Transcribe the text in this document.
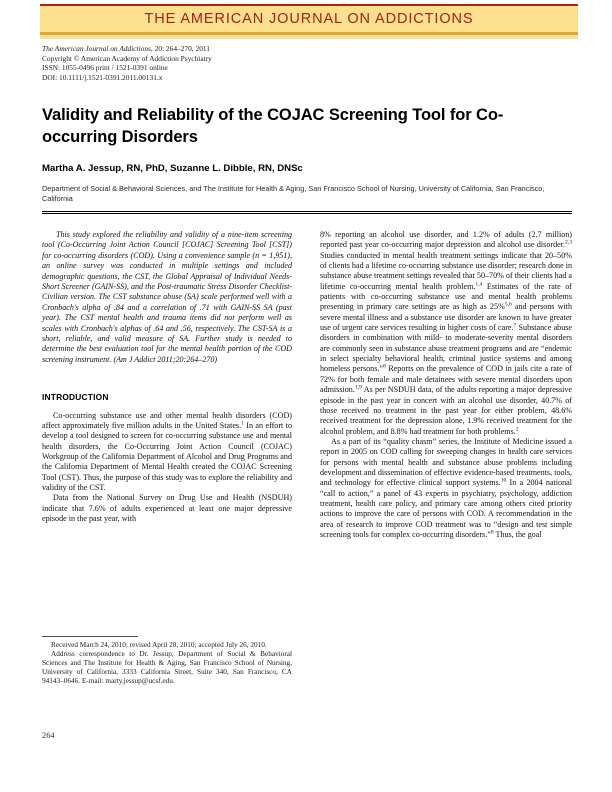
THE AMERICAN JOURNAL ON ADDICTIONS
The American Journal on Addictions, 20: 264–270, 2011
Copyright © American Academy of Addiction Psychiatry
ISSN: 1055-0496 print / 1521-0391 online
DOI: 10.1111/j.1521-0391.2011.00131.x
Validity and Reliability of the COJAC Screening Tool for Co-occurring Disorders
Martha A. Jessup, RN, PhD, Suzanne L. Dibble, RN, DNSc
Department of Social & Behavioral Sciences, and The Institute for Health & Aging, San Francisco School of Nursing, University of California, San Francisco, California
This study explored the reliability and validity of a nine-item screening tool (Co-Occurring Joint Action Council [COJAC] Screening Tool [CST]) for co-occurring disorders (COD). Using a convenience sample (n = 1,951), an online survey was conducted in multiple settings and included demographic questions, the CST, the Global Appraisal of Individual Needs-Short Screener (GAIN-SS), and the Post-traumatic Stress Disorder Checklist-Civilian version. The CST substance abuse (SA) scale performed well with a Cronbach's alpha of .84 and a correlation of .71 with GAIN-SS SA (past year). The CST mental health and trauma items did not perform well as scales with Cronbach's alphas of .64 and .56, respectively. The CST-SA is a short, reliable, and valid measure of SA. Further study is needed to determine the best evaluation tool for the mental health portion of the COD screening instrument. (Am J Addict 2011;20:264–270)
INTRODUCTION

Co-occurring substance use and other mental health disorders (COD) affect approximately five million adults in the United States.$^1$ In an effort to develop a tool designed to screen for co-occurring substance use and mental health disorders, the Co-Occurring Joint Action Council (COJAC) Workgroup of the California Department of Alcohol and Drug Programs and the California Department of Mental Health created the COJAC Screening Tool (CST). Thus, the purpose of this study was to explore the reliability and validity of the CST.

Data from the National Survey on Drug Use and Health (NSDUH) indicate that 7.6% of adults experienced at least one major depressive episode in the past year, with

8% reporting an alcohol use disorder, and 1.2% of adults (2.7 million) reported past year co-occurring major depression and alcohol use disorder.$^{2,3}$ Studies conducted in mental health treatment settings indicate that 20–50% of clients had a lifetime co-occurring substance use disorder; research done in substance abuse treatment settings revealed that 50–70% of their clients had a lifetime co-occurring mental health problem.$^{1,4}$ Estimates of the rate of patients with co-occurring substance use and mental health problems presenting in primary care settings are as high as 25%$^{5,6}$ and persons with severe mental illness and a substance use disorder are known to have greater use of urgent care services resulting in higher costs of care.$^7$ Substance abuse disorders in combination with mild- to moderate-severity mental disorders are commonly seen in substance abuse treatment programs and are “endemic in select specialty behavioral health, criminal justice systems and among homeless persons.”$^8$ Reports on the prevalence of COD in jails cite a rate of 72% for both female and male detainees with severe mental disorders upon admission.$^{1,9}$ As per NSDUH data, of the adults reporting a major depressive episode in the past year in concert with an alcohol use disorder, 40.7% of those received no treatment in the past year for either problem, 48.6% received treatment for the depression alone, 1.9% received treatment for the alcohol problem, and 8.8% had treatment for both problems.$^2$

As a part of its “quality chasm” series, the Institute of Medicine issued a report in 2005 on COD calling for sweeping changes in health care services for persons with mental health and substance abuse problems including development and dissemination of effective evidence-based treatments, tools, and technology for effective clinical support systems.$^{10}$ In a 2004 national “call to action,” a panel of 43 experts in psychiatry, psychology, addiction treatment, health care policy, and primary care among others cited priority actions to improve the care of persons with COD. A recommendation in the area of research to improve COD treatment was to “design and test simple screening tools for complex co-occurring disorders.”$^8$ Thus, the goal

Received March 24, 2010; revised April 28, 2010; accepted July 26, 2010.

Address correspondence to Dr. Jessup, Department of Social & Behavioral Sciences and The Institute for Health & Aging, San Francisco School of Nursing, University of California, 3333 California Street, Suite 340, San Francisco, CA 94143–0646. E-mail: marty.jessup@ucsf.edu.

264
